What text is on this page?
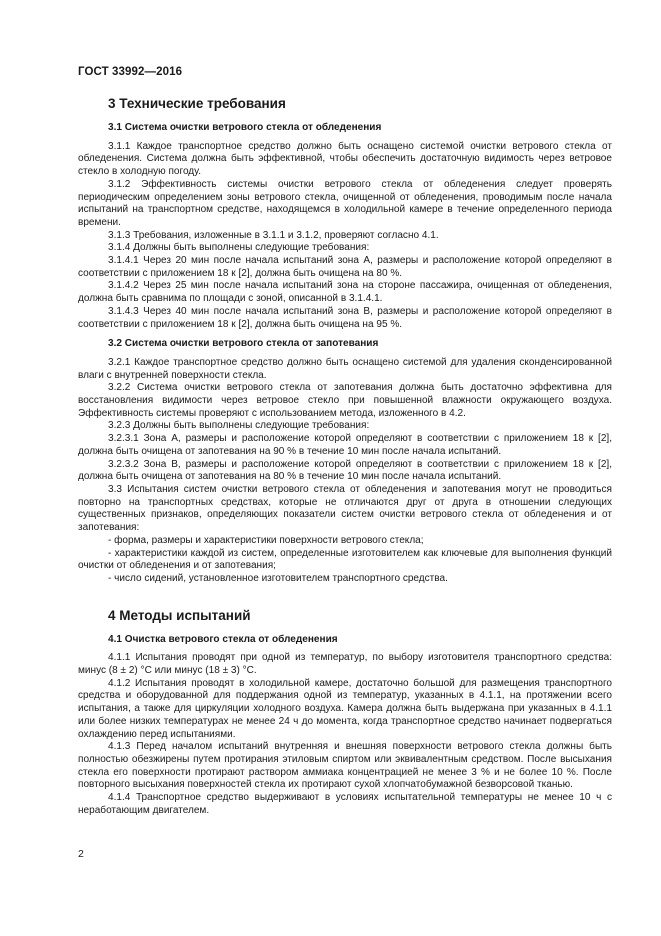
ГОСТ 33992—2016
3 Технические требования
3.1 Система очистки ветрового стекла от обледенения

3.1.1 Каждое транспортное средство должно быть оснащено системой очистки ветрового стекла от обледенения. Система должна быть эффективной, чтобы обеспечить достаточную видимость через ветровое стекло в холодную погоду.

3.1.2 Эффективность системы очистки ветрового стекла от обледенения следует проверять периодическим определением зоны ветрового стекла, очищенной от обледенения, проводимым после начала испытаний на транспортном средстве, находящемся в холодильной камере в течение определенного периода времени.

3.1.3 Требования, изложенные в 3.1.1 и 3.1.2, проверяют согласно 4.1.

3.1.4 Должны быть выполнены следующие требования:

3.1.4.1 Через 20 мин после начала испытаний зона А, размеры и расположение которой определяют в соответствии с приложением 18 к [2], должна быть очищена на 80 %.

3.1.4.2 Через 25 мин после начала испытаний зона на стороне пассажира, очищенная от обледенения, должна быть сравнима по площади с зоной, описанной в 3.1.4.1.

3.1.4.3 Через 40 мин после начала испытаний зона В, размеры и расположение которой определяют в соответствии с приложением 18 к [2], должна быть очищена на 95 %.

3.2 Система очистки ветрового стекла от запотевания

3.2.1 Каждое транспортное средство должно быть оснащено системой для удаления сконденсированной влаги с внутренней поверхности стекла.

3.2.2 Система очистки ветрового стекла от запотевания должна быть достаточно эффективна для восстановления видимости через ветровое стекло при повышенной влажности окружающего воздуха. Эффективность системы проверяют с использованием метода, изложенного в 4.2.

3.2.3 Должны быть выполнены следующие требования:

3.2.3.1 Зона А, размеры и расположение которой определяют в соответствии с приложением 18 к [2], должна быть очищена от запотевания на 90 % в течение 10 мин после начала испытаний.

3.2.3.2 Зона В, размеры и расположение которой определяют в соответствии с приложением 18 к [2], должна быть очищена от запотевания на 80 % в течение 10 мин после начала испытаний.

3.3 Испытания систем очистки ветрового стекла от обледенения и запотевания могут не проводиться повторно на транспортных средствах, которые не отличаются друг от друга в отношении следующих существенных признаков, определяющих показатели систем очистки ветрового стекла от обледенения и от запотевания:

- форма, размеры и характеристики поверхности ветрового стекла;

- характеристики каждой из систем, определенные изготовителем как ключевые для выполнения функций очистки от обледенения и от запотевания;

- число сидений, установленное изготовителем транспортного средства.

4 Методы испытаний
4.1 Очистка ветрового стекла от обледенения

4.1.1 Испытания проводят при одной из температур, по выбору изготовителя транспортного средства: минус (8 ± 2) °С или минус (18 ± 3) °С.

4.1.2 Испытания проводят в холодильной камере, достаточно большой для размещения транспортного средства и оборудованной для поддержания одной из температур, указанных в 4.1.1, на протяжении всего испытания, а также для циркуляции холодного воздуха. Камера должна быть выдержана при указанных в 4.1.1 или более низких температурах не менее 24 ч до момента, когда транспортное средство начинает подвергаться охлаждению перед испытаниями.

4.1.3 Перед началом испытаний внутренняя и внешняя поверхности ветрового стекла должны быть полностью обезжирены путем протирания этиловым спиртом или эквивалентным средством. После высыхания стекла его поверхности протирают раствором аммиака концентрацией не менее 3 % и не более 10 %. После повторного высыхания поверхностей стекла их протирают сухой хлопчатобумажной безворсовой тканью.

4.1.4 Транспортное средство выдерживают в условиях испытательной температуры не менее 10 ч с неработающим двигателем.

2
